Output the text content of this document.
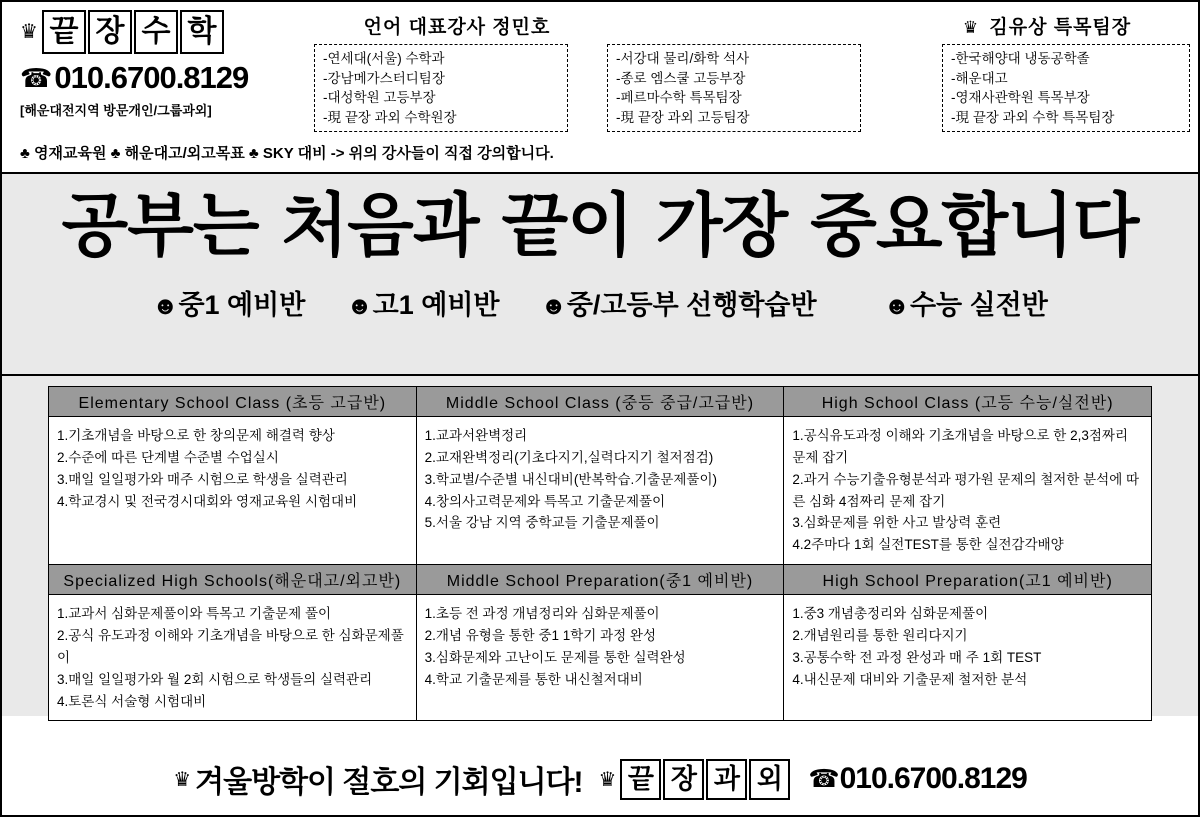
♛ 끝 장 수 학
☎ 010.6700.8129
[해운대전지역 방문개인/그룹과외]
언어 대표강사 정민호
-연세대(서울) 수학과
-강남메가스터디팀장
-대성학원 고등부장
-現 끝장 과외 수학원장
-서강대 물리/화학 석사
-종로 엠스쿨 고등부장
-페르마수학 특목팀장
-現 끝장 과외 고등팀장
♛ 김유상 특목팀장
-한국해양대 냉동공학졸
-해운대고
-영재사관학원 특목부장
-現 끝장 과외 수학 특목팀장
♣ 영재교육원 ♣ 해운대고/외고목표 ♣ SKY 대비 -> 위의 강사들이 직접 강의합니다.
공부는 처음과 끝이 가장 중요합니다
☻중1 예비반 ☻고1 예비반 ☻중/고등부 선행학습반	☻수능 실전반
Elementary School Class (초등 고급반)	Middle School Class (중등 중급/고급반)	High School Class (고등 수능/실전반)

1.기초개념을 바탕으로 한 창의문제 해결력 향상
2.수준에 따른 단계별 수준별 수업실시
3.매일 일일평가와 매주 시험으로 학생을 실력관리
4.학교경시 및 전국경시대회와 영재교육원 시험대비

1.교과서완벽정리
2.교재완벽정리(기초다지기,실력다지기 철저점검)
3.학교별/수준별 내신대비(반복학습.기출문제풀이)
4.창의사고력문제와 특목고 기출문제풀이
5.서울 강남 지역 중학교들 기출문제풀이

1.공식유도과정 이해와 기초개념을 바탕으로 한 2,3점짜리 문제 잡기
2.과거 수능기출유형분석과 평가원 문제의 철저한 분석에 따른 심화 4점짜리 문제 잡기
3.심화문제를 위한 사고 발상력 훈련
4.2주마다 1회 실전TEST를 통한 실전감각배양

Specialized High Schools(해운대고/외고반)	Middle School Preparation(중1 예비반)	High School Preparation(고1 예비반)

1.교과서 심화문제풀이와 특목고 기출문제 풀이
2.공식 유도과정 이해와 기초개념을 바탕으로 한 심화문제풀이
3.매일 일일평가와 월 2회 시험으로 학생들의 실력관리
4.토론식 서술형 시험대비

1.초등 전 과정 개념정리와 심화문제풀이
2.개념 유형을 통한 중1 1학기 과정 완성
3.심화문제와 고난이도 문제를 통한 실력완성
4.학교 기출문제를 통한 내신철저대비

1.중3 개념총정리와 심화문제풀이
2.개념원리를 통한 원리다지기
3.공통수학 전 과정 완성과 매 주 1회 TEST
4.내신문제 대비와 기출문제 철저한 분석
♛ 겨울방학이 절호의 기회입니다! ♛ 끝 장 과 외 ☎ 010.6700.8129
